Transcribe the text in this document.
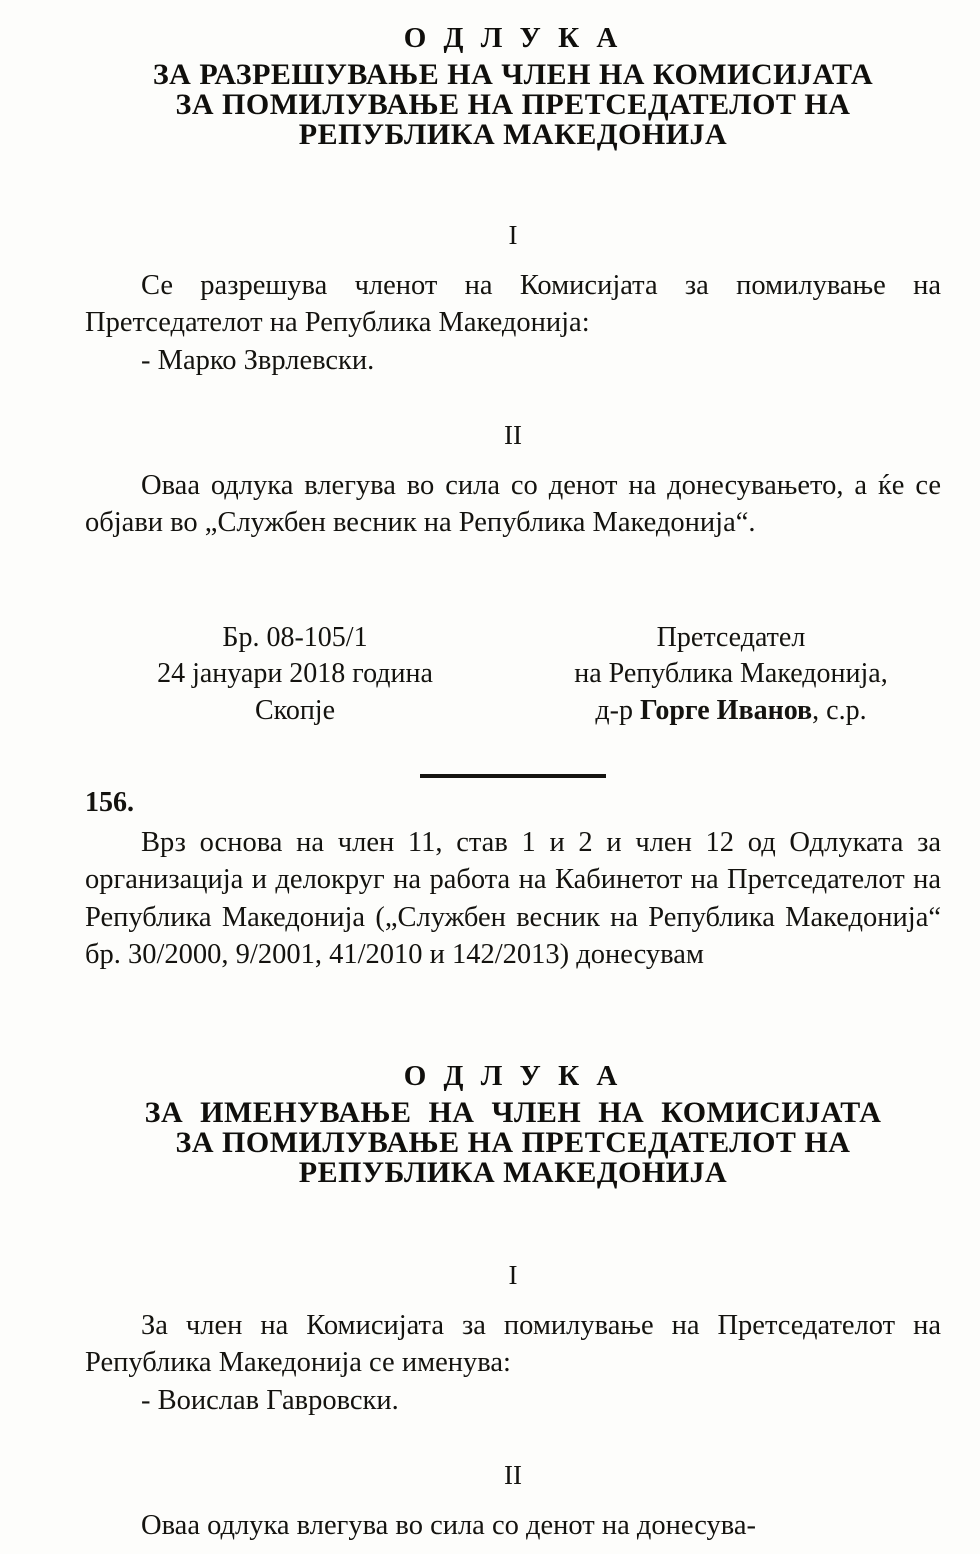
О Д Л У К А
ЗА РАЗРЕШУВАЊЕ НА ЧЛЕН НА КОМИСИЈАТА
ЗА ПОМИЛУВАЊЕ НА ПРЕТСЕДАТЕЛОТ НА
РЕПУБЛИКА МАКЕДОНИЈА
I

Се разрешува членот на Комисијата за помилување на Претседателот на Република Македонија:

- Марко Зврлевски.

II

Оваа одлука влегува во сила со денот на донесувањето, а ќе се објави во „Службен весник на Република Македонија“.

Бр. 08-105/1
24 јануари 2018 година
Скопје
Претседател
на Република Македонија,
д-р Горге Иванов, с.р.
156.

Врз основа на член 11, став 1 и 2 и член 12 од Одлуката за организација и делокруг на работа на Кабинетот на Претседателот на Република Македонија („Службен весник на Република Македонија“ бр. 30/2000, 9/2001, 41/2010 и 142/2013) донесувам

О Д Л У К А
ЗА ИМЕНУВАЊЕ НА ЧЛЕН НА КОМИСИЈАТА
ЗА ПОМИЛУВАЊЕ НА ПРЕТСЕДАТЕЛОТ НА
РЕПУБЛИКА МАКЕДОНИЈА
I

За член на Комисијата за помилување на Претседателот на Република Македонија се именува:

- Воислав Гавровски.

II

Оваа одлука влегува во сила со денот на донесува-
